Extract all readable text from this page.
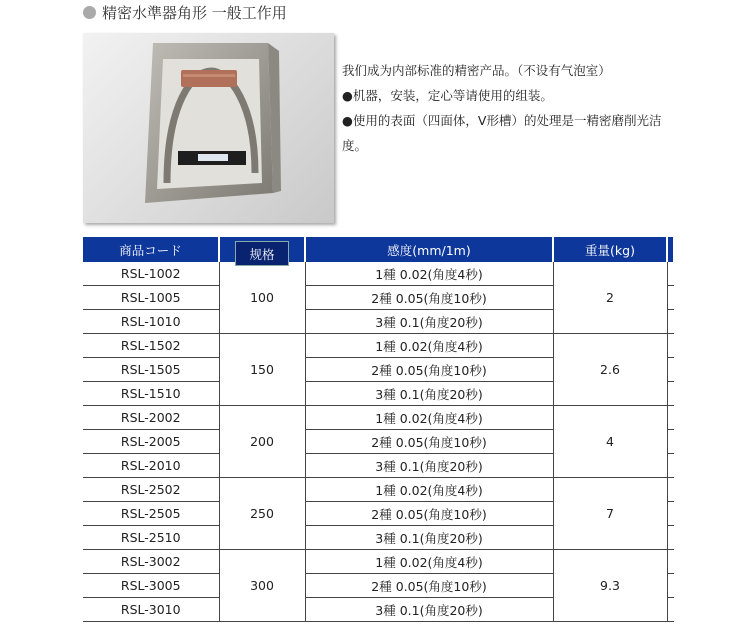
精密水準器角形 一般工作用

我们成为内部标准的精密产品。（不设有气泡室）

●机器，安装，定心等请使用的组装。

●使用的表面（四面体，V形槽）的处理是一精密磨削光洁度。

商品コード	规格	感度(mm/1m)	重量(kg)	
RSL-1002	100	1種 0.02(角度4秒)	2	
RSL-1005		2種 0.05(角度10秒)		
RSL-1010		3種 0.1(角度20秒)		
RSL-1502	150	1種 0.02(角度4秒)	2.6	
RSL-1505		2種 0.05(角度10秒)		
RSL-1510		3種 0.1(角度20秒)		
RSL-2002	200	1種 0.02(角度4秒)	4	
RSL-2005		2種 0.05(角度10秒)		
RSL-2010		3種 0.1(角度20秒)		
RSL-2502	250	1種 0.02(角度4秒)	7	
RSL-2505		2種 0.05(角度10秒)		
RSL-2510		3種 0.1(角度20秒)		
RSL-3002	300	1種 0.02(角度4秒)	9.3	
RSL-3005		2種 0.05(角度10秒)		
RSL-3010		3種 0.1(角度20秒)		
